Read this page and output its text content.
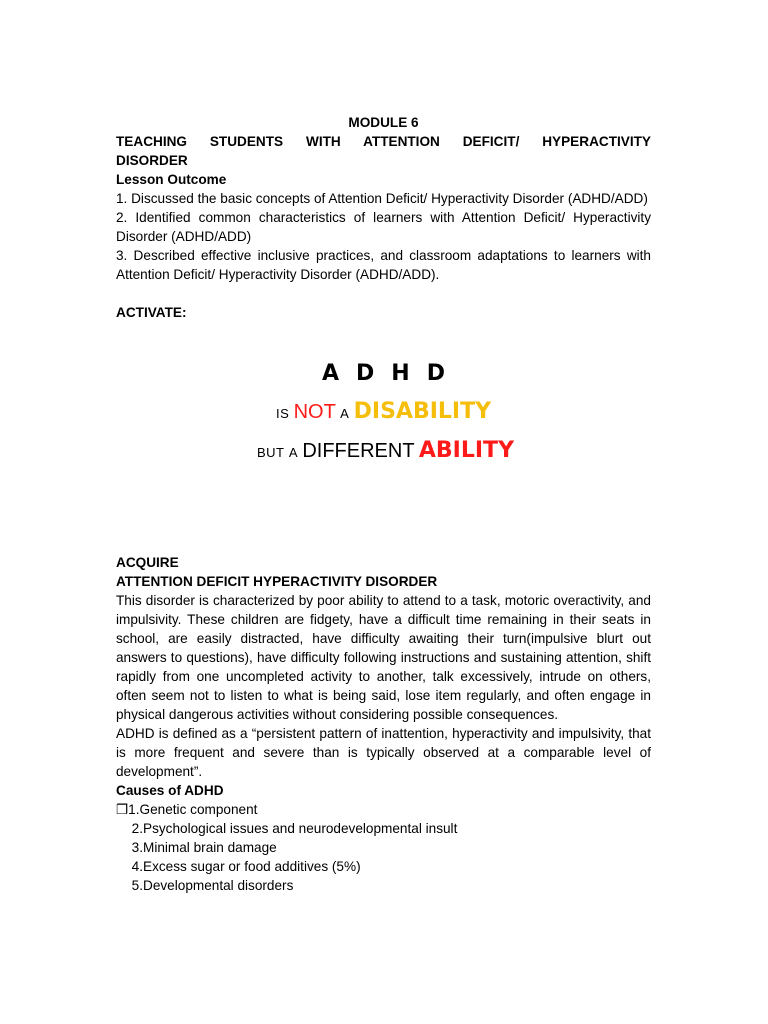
MODULE 6
TEACHING STUDENTS WITH ATTENTION DEFICIT/ HYPERACTIVITY
DISORDER
Lesson Outcome
1. Discussed the basic concepts of Attention Deficit/ Hyperactivity Disorder (ADHD/ADD)
2. Identified common characteristics of learners with Attention Deficit/ Hyperactivity Disorder (ADHD/ADD)
3. Described effective inclusive practices, and classroom adaptations to learners with Attention Deficit/ Hyperactivity Disorder (ADHD/ADD).
ACTIVATE:
ADHD
IS NOT A DISABILITY
BUT A DIFFERENT ABILITY
ACQUIRE
ATTENTION DEFICIT HYPERACTIVITY DISORDER
This disorder is characterized by poor ability to attend to a task, motoric overactivity, and impulsivity. These children are fidgety, have a difficult time remaining in their seats in school, are easily distracted, have difficulty awaiting their turn(impulsive blurt out answers to questions), have difficulty following instructions and sustaining attention, shift rapidly from one uncompleted activity to another, talk excessively, intrude on others, often seem not to listen to what is being said, lose item regularly, and often engage in physical dangerous activities without considering possible consequences.
ADHD is defined as a “persistent pattern of inattention, hyperactivity and impulsivity, that is more frequent and severe than is typically observed at a comparable level of development”.
Causes of ADHD
❒1.Genetic component
2.Psychological issues and neurodevelopmental insult
3.Minimal brain damage
4.Excess sugar or food additives (5%)
5.Developmental disorders
